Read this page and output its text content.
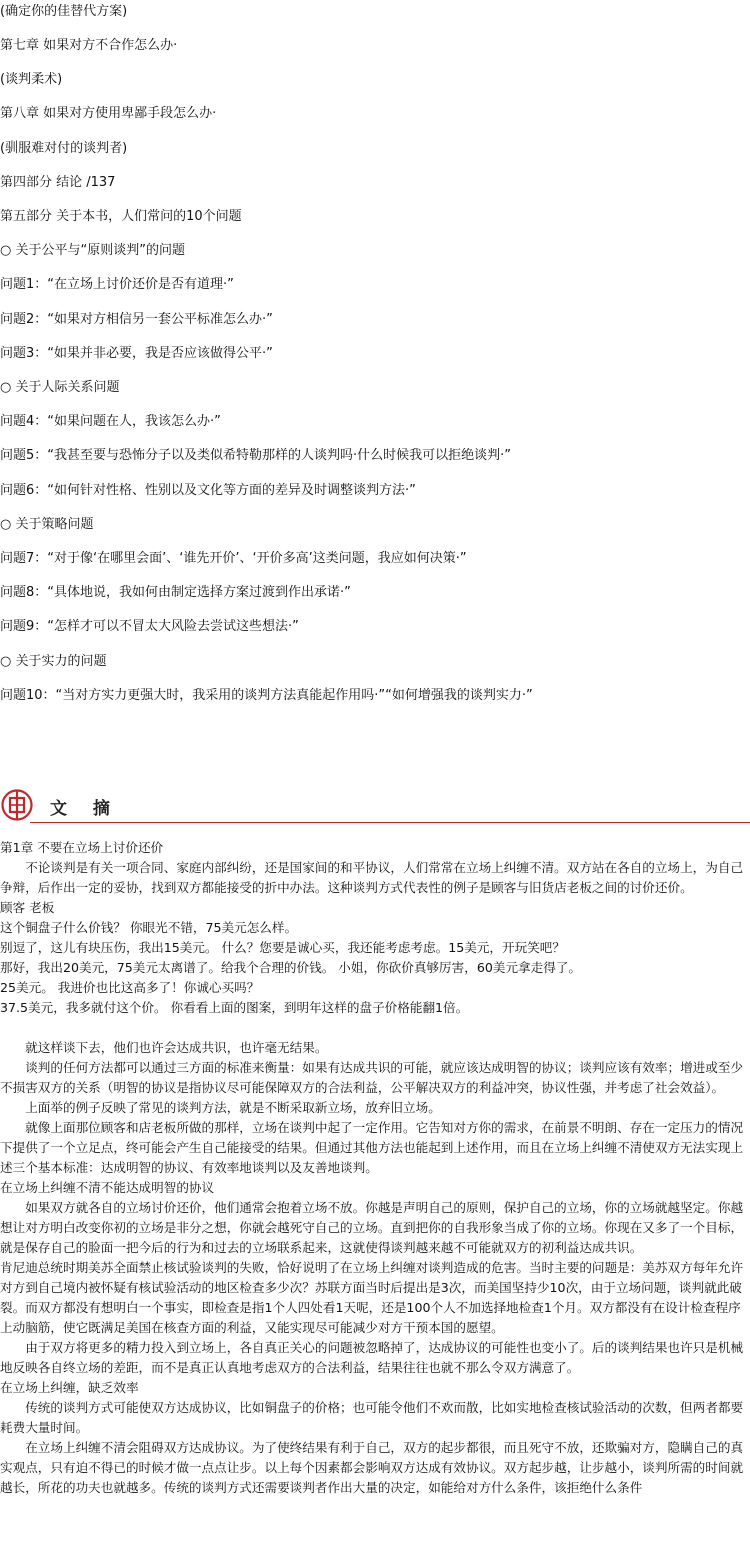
(确定你的佳替代方案)
第七章 如果对方不合作怎么办·
(谈判柔术)
第八章 如果对方使用卑鄙手段怎么办·
(驯服难对付的谈判者)
第四部分 结论 /137
第五部分 关于本书，人们常问的10个问题
○ 关于公平与“原则谈判”的问题
问题1：“在立场上讨价还价是否有道理·”
问题2：“如果对方相信另一套公平标准怎么办·”
问题3：“如果并非必要，我是否应该做得公平·”
○ 关于人际关系问题
问题4：“如果问题在人，我该怎么办·”
问题5：“我甚至要与恐怖分子以及类似希特勒那样的人谈判吗·什么时候我可以拒绝谈判·”
问题6：“如何针对性格、性别以及文化等方面的差异及时调整谈判方法·”
○ 关于策略问题
问题7：“对于像‘在哪里会面’、‘谁先开价’、‘开价多高’这类问题，我应如何决策·”
问题8：“具体地说，我如何由制定选择方案过渡到作出承诺·”
问题9：“怎样才可以不冒太大风险去尝试这些想法·”
○ 关于实力的问题
问题10：“当对方实力更强大时，我采用的谈判方法真能起作用吗·”“如何增强我的谈判实力·”
文 摘

第1章 不要在立场上讨价还价

不论谈判是有关一项合同、家庭内部纠纷，还是国家间的和平协议，人们常常在立场上纠缠不清。双方站在各自的立场上，为自己争辩，后作出一定的妥协，找到双方都能接受的折中办法。这种谈判方式代表性的例子是顾客与旧货店老板之间的讨价还价。

顾客 老板

这个铜盘子什么价钱？ 你眼光不错，75美元怎么样。

别逗了，这儿有块压伤，我出15美元。 什么？您要是诚心买，我还能考虑考虑。15美元，开玩笑吧？

那好，我出20美元，75美元太离谱了。给我个合理的价钱。 小姐，你砍价真够厉害，60美元拿走得了。

25美元。 我进价也比这高多了！你诚心买吗？

37.5美元，我多就付这个价。 你看看上面的图案，到明年这样的盘子价格能翻1倍。

就这样谈下去，他们也许会达成共识，也许毫无结果。

谈判的任何方法都可以通过三方面的标准来衡量：如果有达成共识的可能，就应该达成明智的协议；谈判应该有效率；增进或至少不损害双方的关系（明智的协议是指协议尽可能保障双方的合法利益，公平解决双方的利益冲突，协议性强，并考虑了社会效益）。

上面举的例子反映了常见的谈判方法，就是不断采取新立场，放弃旧立场。

就像上面那位顾客和店老板所做的那样，立场在谈判中起了一定作用。它告知对方你的需求，在前景不明朗、存在一定压力的情况下提供了一个立足点，终可能会产生自己能接受的结果。但通过其他方法也能起到上述作用，而且在立场上纠缠不清使双方无法实现上述三个基本标准：达成明智的协议、有效率地谈判以及友善地谈判。

在立场上纠缠不清不能达成明智的协议

如果双方就各自的立场讨价还价，他们通常会抱着立场不放。你越是声明自己的原则，保护自己的立场，你的立场就越坚定。你越想让对方明白改变你初的立场是非分之想，你就会越死守自己的立场。直到把你的自我形象当成了你的立场。你现在又多了一个目标，就是保存自己的脸面一把今后的行为和过去的立场联系起来，这就使得谈判越来越不可能就双方的初利益达成共识。

肯尼迪总统时期美苏全面禁止核试验谈判的失败，恰好说明了在立场上纠缠对谈判造成的危害。当时主要的问题是：美苏双方每年允许对方到自己境内被怀疑有核试验活动的地区检查多少次？苏联方面当时后提出是3次，而美国坚持少10次，由于立场问题，谈判就此破裂。而双方都没有想明白一个事实，即检查是指1个人四处看1天呢，还是100个人不加选择地检查1个月。双方都没有在设计检查程序上动脑筋，使它既满足美国在核查方面的利益，又能实现尽可能减少对方干预本国的愿望。

由于双方将更多的精力投入到立场上，各自真正关心的问题被忽略掉了，达成协议的可能性也变小了。后的谈判结果也许只是机械地反映各自终立场的差距，而不是真正认真地考虑双方的合法利益，结果往往也就不那么令双方满意了。

在立场上纠缠，缺乏效率

传统的谈判方式可能使双方达成协议，比如铜盘子的价格；也可能令他们不欢而散，比如实地检查核试验活动的次数，但两者都要耗费大量时间。

在立场上纠缠不清会阻碍双方达成协议。为了使终结果有利于自己，双方的起步都很，而且死守不放，还欺骗对方，隐瞒自己的真实观点，只有迫不得已的时候才做一点点让步。以上每个因素都会影响双方达成有效协议。双方起步越，让步越小，谈判所需的时间就越长，所花的功夫也就越多。传统的谈判方式还需要谈判者作出大量的决定，如能给对方什么条件，该拒绝什么条件
